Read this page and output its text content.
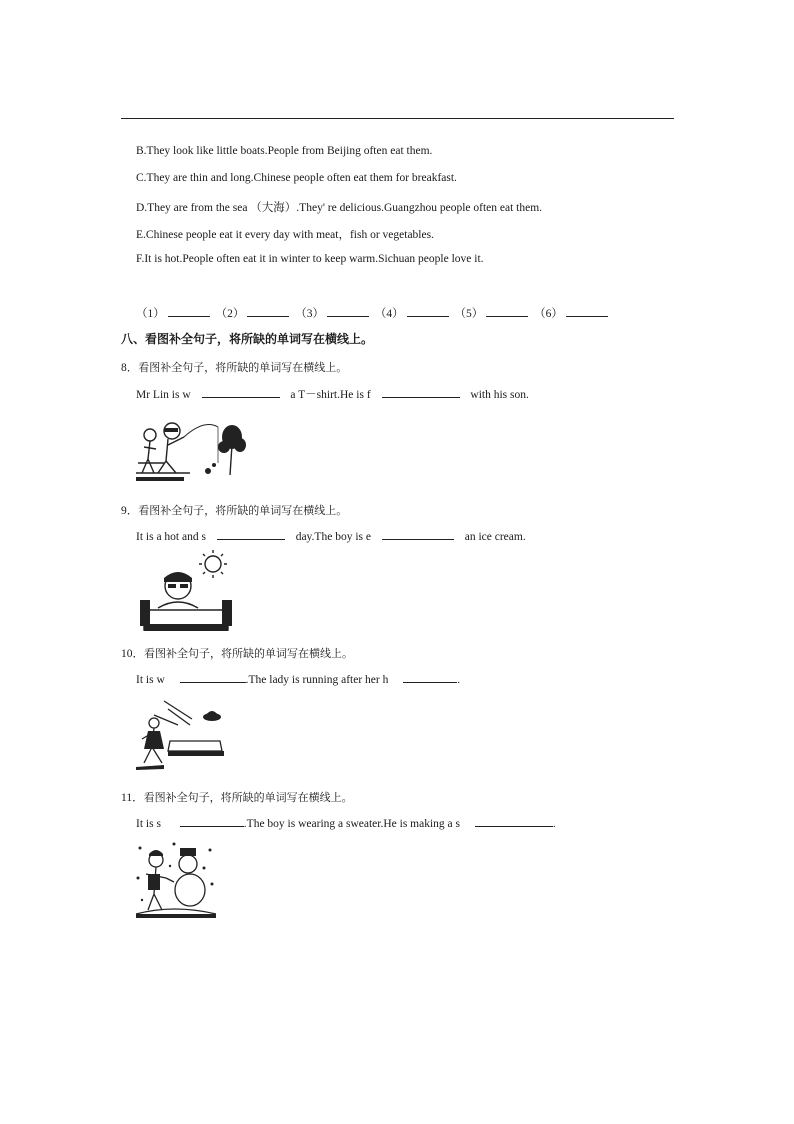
B.They look like little boats.People from Beijing often eat them.
C.They are thin and long.Chinese people often eat them for breakfast.
D.They are from the sea （大海）.They' re delicious.Guangzhou people often eat them.
E.Chinese people eat it every day with meat，fish or vegetables.
F.It is hot.People often eat it in winter to keep warm.Sichuan people love it.
（1）	（2）	（3）	（4）	（5）	（6）
八、看图补全句子，将所缺的单词写在横线上。
8．看图补全句子，将所缺的单词写在横线上。
Mr Lin is w	a T－shirt.He is f	with his son.
9．看图补全句子，将所缺的单词写在横线上。
It is a hot and s	day.The boy is e	an ice cream.
10．看图补全句子，将所缺的单词写在横线上。
It is w	.The lady is running after her h	.
11．看图补全句子，将所缺的单词写在横线上。
It is s	.The boy is wearing a sweater.He is making a s	.
